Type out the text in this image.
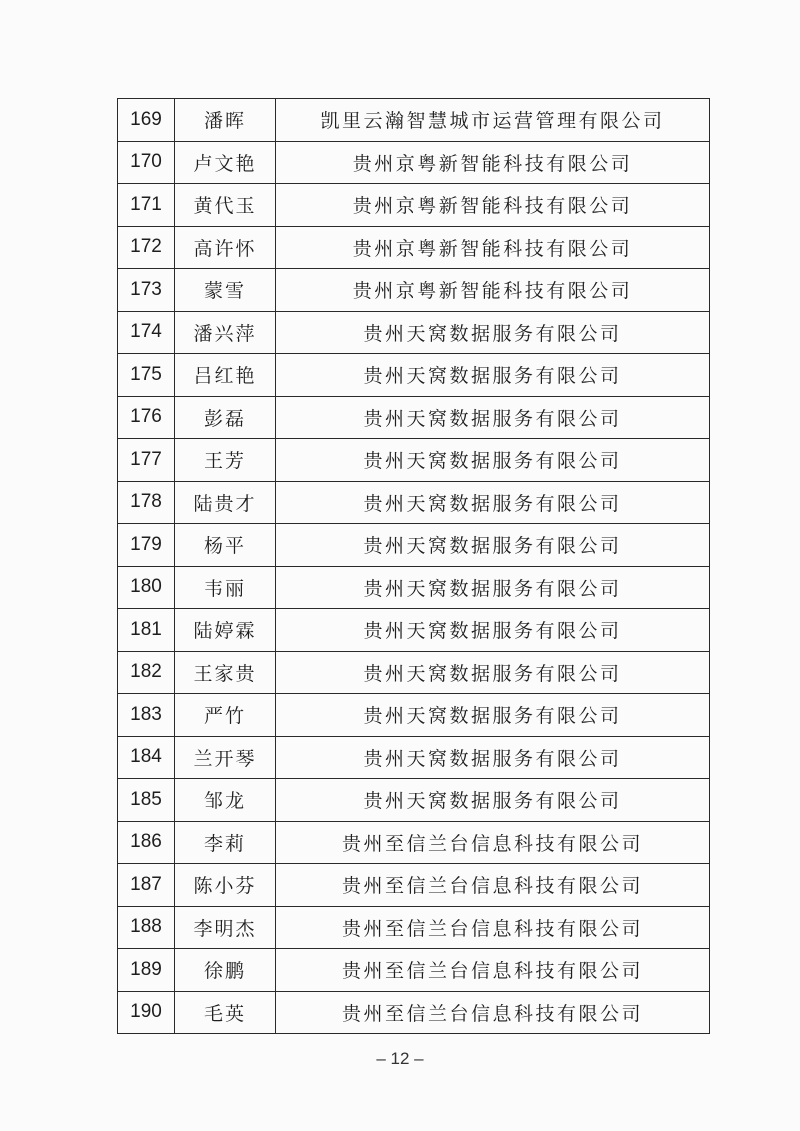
169	潘晖	凯里云瀚智慧城市运营管理有限公司
170	卢文艳	贵州京粤新智能科技有限公司
171	黄代玉	贵州京粤新智能科技有限公司
172	高许怀	贵州京粤新智能科技有限公司
173	蒙雪	贵州京粤新智能科技有限公司
174	潘兴萍	贵州天窝数据服务有限公司
175	吕红艳	贵州天窝数据服务有限公司
176	彭磊	贵州天窝数据服务有限公司
177	王芳	贵州天窝数据服务有限公司
178	陆贵才	贵州天窝数据服务有限公司
179	杨平	贵州天窝数据服务有限公司
180	韦丽	贵州天窝数据服务有限公司
181	陆婷霖	贵州天窝数据服务有限公司
182	王家贵	贵州天窝数据服务有限公司
183	严竹	贵州天窝数据服务有限公司
184	兰开琴	贵州天窝数据服务有限公司
185	邹龙	贵州天窝数据服务有限公司
186	李莉	贵州至信兰台信息科技有限公司
187	陈小芬	贵州至信兰台信息科技有限公司
188	李明杰	贵州至信兰台信息科技有限公司
189	徐鹏	贵州至信兰台信息科技有限公司
190	毛英	贵州至信兰台信息科技有限公司
– 12 –
